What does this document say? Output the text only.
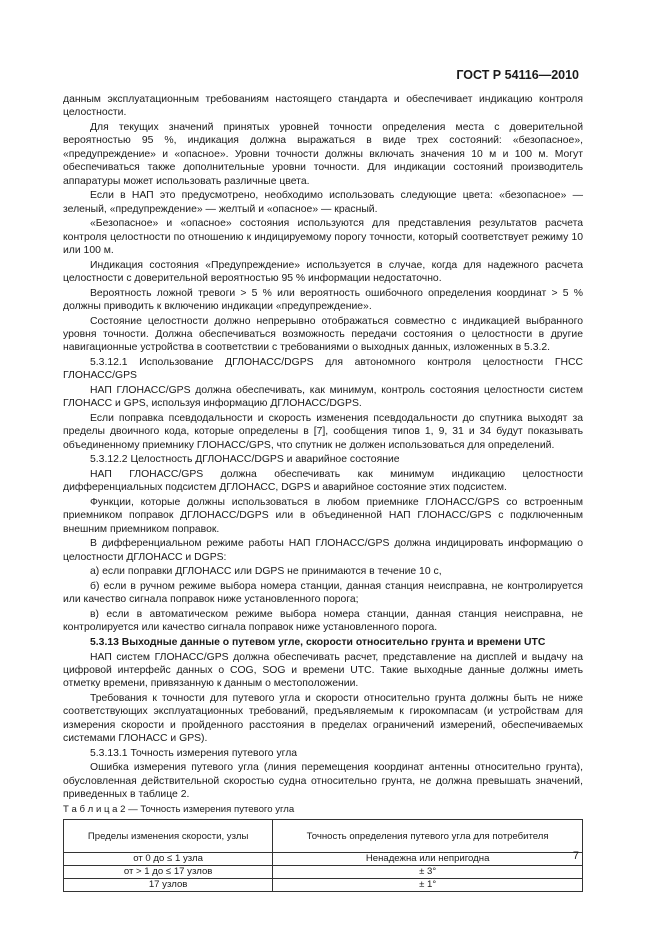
ГОСТ Р 54116—2010

данным эксплуатационным требованиям настоящего стандарта и обеспечивает индикацию контроля целостности.

Для текущих значений принятых уровней точности определения места с доверительной вероятностью 95 %, индикация должна выражаться в виде трех состояний: «безопасное», «предупреждение» и «опасное». Уровни точности должны включать значения 10 м и 100 м. Могут обеспечиваться также дополнительные уровни точности. Для индикации состояний производитель аппаратуры может использовать различные цвета.

Если в НАП это предусмотрено, необходимо использовать следующие цвета: «безопасное» — зеленый, «предупреждение» — желтый и «опасное» — красный.

«Безопасное» и «опасное» состояния используются для представления результатов расчета контроля целостности по отношению к индицируемому порогу точности, который соответствует режиму 10 или 100 м.

Индикация состояния «Предупреждение» используется в случае, когда для надежного расчета целостности с доверительной вероятностью 95 % информации недостаточно.

Вероятность ложной тревоги > 5 % или вероятность ошибочного определения координат > 5 % должны приводить к включению индикации «предупреждение».

Состояние целостности должно непрерывно отображаться совместно с индикацией выбранного уровня точности. Должна обеспечиваться возможность передачи состояния о целостности в другие навигационные устройства в соответствии с требованиями о выходных данных, изложенных в 5.3.2.

5.3.12.1 Использование ДГЛОНАСС/DGPS для автономного контроля целостности ГНСС ГЛОНАСС/GPS

НАП ГЛОНАСС/GPS должна обеспечивать, как минимум, контроль состояния целостности систем ГЛОНАСС и GPS, используя информацию ДГЛОНАСС/DGPS.

Если поправка псевдодальности и скорость изменения псевдодальности до спутника выходят за пределы двоичного кода, которые определены в [7], сообщения типов 1, 9, 31 и 34 будут показывать объединенному приемнику ГЛОНАСС/GPS, что спутник не должен использоваться для определений.

5.3.12.2 Целостность ДГЛОНАСС/DGPS и аварийное состояние

НАП ГЛОНАСС/GPS должна обеспечивать как минимум индикацию целостности дифференциальных подсистем ДГЛОНАСС, DGPS и аварийное состояние этих подсистем.

Функции, которые должны использоваться в любом приемнике ГЛОНАСС/GPS со встроенным приемником поправок ДГЛОНАСС/DGPS или в объединенной НАП ГЛОНАСС/GPS с подключенным внешним приемником поправок.

В дифференциальном режиме работы НАП ГЛОНАСС/GPS должна индицировать информацию о целостности ДГЛОНАСС и DGPS:

а) если поправки ДГЛОНАСС или DGPS не принимаются в течение 10 с,

б) если в ручном режиме выбора номера станции, данная станция неисправна, не контролируется или качество сигнала поправок ниже установленного порога;

в) если в автоматическом режиме выбора номера станции, данная станция неисправна, не контролируется или качество сигнала поправок ниже установленного порога.

5.3.13 Выходные данные о путевом угле, скорости относительно грунта и времени UTC

НАП систем ГЛОНАСС/GPS должна обеспечивать расчет, представление на дисплей и выдачу на цифровой интерфейс данных о COG, SOG и времени UTC. Такие выходные данные должны иметь отметку времени, привязанную к данным о местоположении.

Требования к точности для путевого угла и скорости относительно грунта должны быть не ниже соответствующих эксплуатационных требований, предъявляемым к гирокомпасам (и устройствам для измерения скорости и пройденного расстояния в пределах ограничений измерений, обеспечиваемых системами ГЛОНАСС и GPS).

5.3.13.1 Точность измерения путевого угла

Ошибка измерения путевого угла (линия перемещения координат антенны относительно грунта), обусловленная действительной скоростью судна относительно грунта, не должна превышать значений, приведенных в таблице 2.

Т а б л и ц а 2 — Точность измерения путевого угла

Пределы изменения скорости, узлы	Точность определения путевого угла для потребителя
от 0 до ≤ 1 узла	Ненадежна или непригодна
от > 1 до ≤ 17 узлов	± 3°
17 узлов	± 1°
7
